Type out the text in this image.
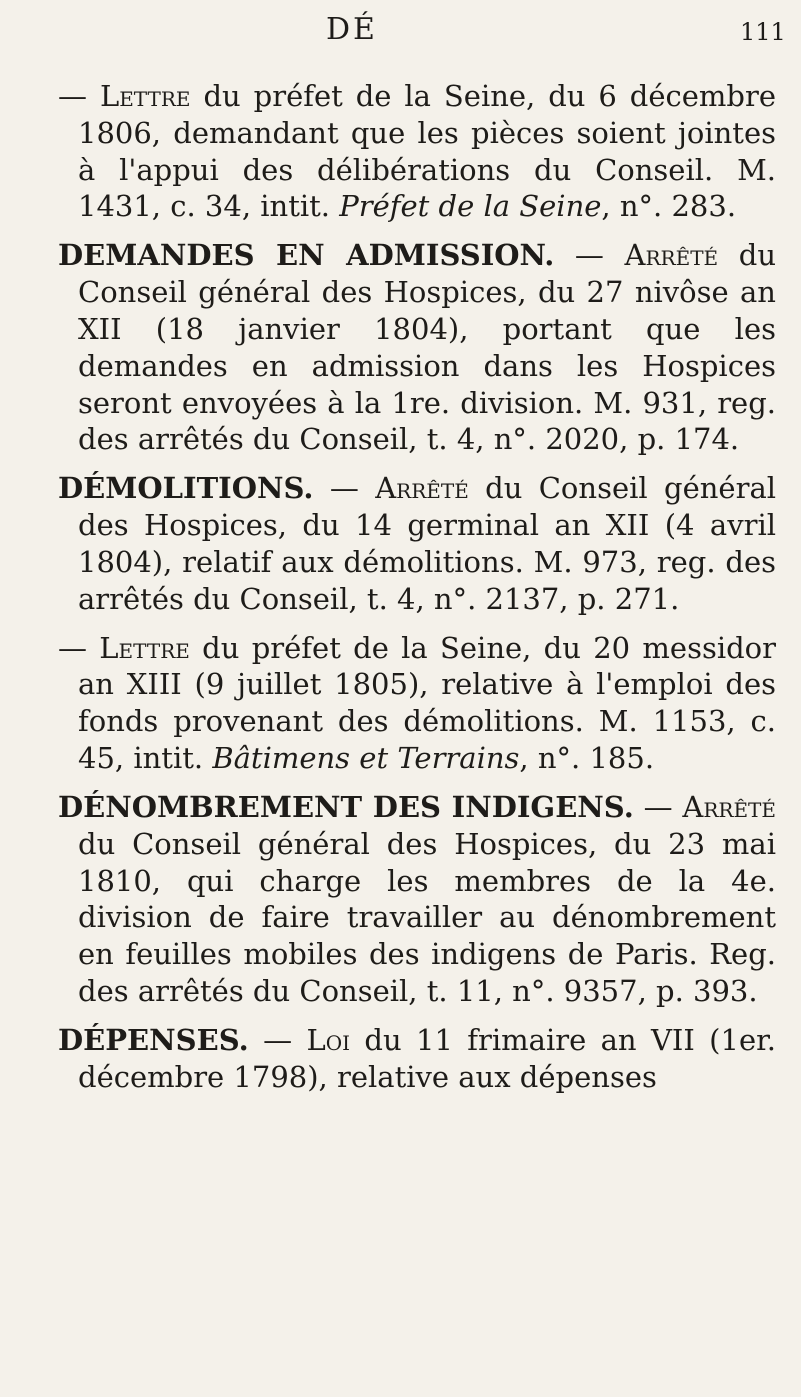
DÉ	111

— Lettre du préfet de la Seine, du 6 décembre 1806, demandant que les pièces soient jointes à l'appui des délibérations du Conseil. M. 1431, c. 34, intit. Préfet de la Seine, n°. 283.

DEMANDES EN ADMISSION. — Arrêté du Conseil général des Hospices, du 27 nivôse an XII (18 janvier 1804), portant que les demandes en admission dans les Hospices seront envoyées à la 1re. division. M. 931, reg. des arrêtés du Conseil, t. 4, n°. 2020, p. 174.

DÉMOLITIONS. — Arrêté du Conseil général des Hospices, du 14 germinal an XII (4 avril 1804), relatif aux démolitions. M. 973, reg. des arrêtés du Conseil, t. 4, n°. 2137, p. 271.

— Lettre du préfet de la Seine, du 20 messidor an XIII (9 juillet 1805), relative à l'emploi des fonds provenant des démolitions. M. 1153, c. 45, intit. Bâtimens et Terrains, n°. 185.

DÉNOMBREMENT DES INDIGENS. — Arrêté du Conseil général des Hospices, du 23 mai 1810, qui charge les membres de la 4e. division de faire travailler au dénombrement en feuilles mobiles des indigens de Paris. Reg. des arrêtés du Conseil, t. 11, n°. 9357, p. 393.

DÉPENSES. — Loi du 11 frimaire an VII (1er. décembre 1798), relative aux dépenses
